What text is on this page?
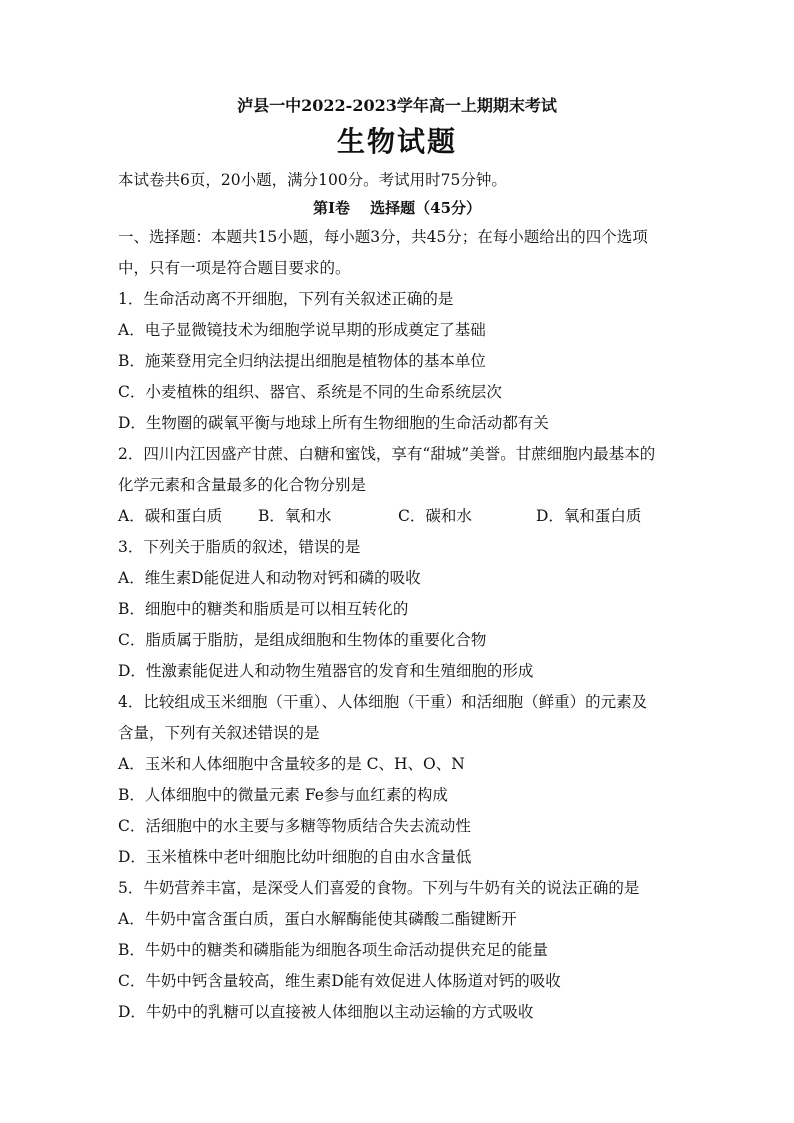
泸县一中2022-2023学年高一上期期末考试
生物试题
本试卷共6页，20小题，满分100分。考试用时75分钟。
第I卷　 选择题（45分）
一、选择题：本题共15小题，每小题3分，共45分；在每小题给出的四个选项
中，只有一项是符合题目要求的。
1．生命活动离不开细胞，下列有关叙述正确的是
A．电子显微镜技术为细胞学说早期的形成奠定了基础
B．施莱登用完全归纳法提出细胞是植物体的基本单位
C．小麦植株的组织、器官、系统是不同的生命系统层次
D．生物圈的碳氧平衡与地球上所有生物细胞的生命活动都有关
2．四川内江因盛产甘蔗、白糖和蜜饯，享有“甜城”美誉。甘蔗细胞内最基本的
化学元素和含量最多的化合物分别是
A．碳和蛋白质 B．氧和水	C．碳和水	D．氧和蛋白质
3．下列关于脂质的叙述，错误的是
A．维生素D能促进人和动物对钙和磷的吸收
B．细胞中的糖类和脂质是可以相互转化的
C．脂质属于脂肪，是组成细胞和生物体的重要化合物
D．性激素能促进人和动物生殖器官的发育和生殖细胞的形成
4．比较组成玉米细胞（干重）、人体细胞（干重）和活细胞（鲜重）的元素及
含量，下列有关叙述错误的是
A．玉米和人体细胞中含量较多的是 C、H、O、N
B．人体细胞中的微量元素 Fe参与血红素的构成
C．活细胞中的水主要与多糖等物质结合失去流动性
D．玉米植株中老叶细胞比幼叶细胞的自由水含量低
5．牛奶营养丰富，是深受人们喜爱的食物。下列与牛奶有关的说法正确的是
A．牛奶中富含蛋白质，蛋白水解酶能使其磷酸二酯键断开
B．牛奶中的糖类和磷脂能为细胞各项生命活动提供充足的能量
C．牛奶中钙含量较高，维生素D能有效促进人体肠道对钙的吸收
D．牛奶中的乳糖可以直接被人体细胞以主动运输的方式吸收
